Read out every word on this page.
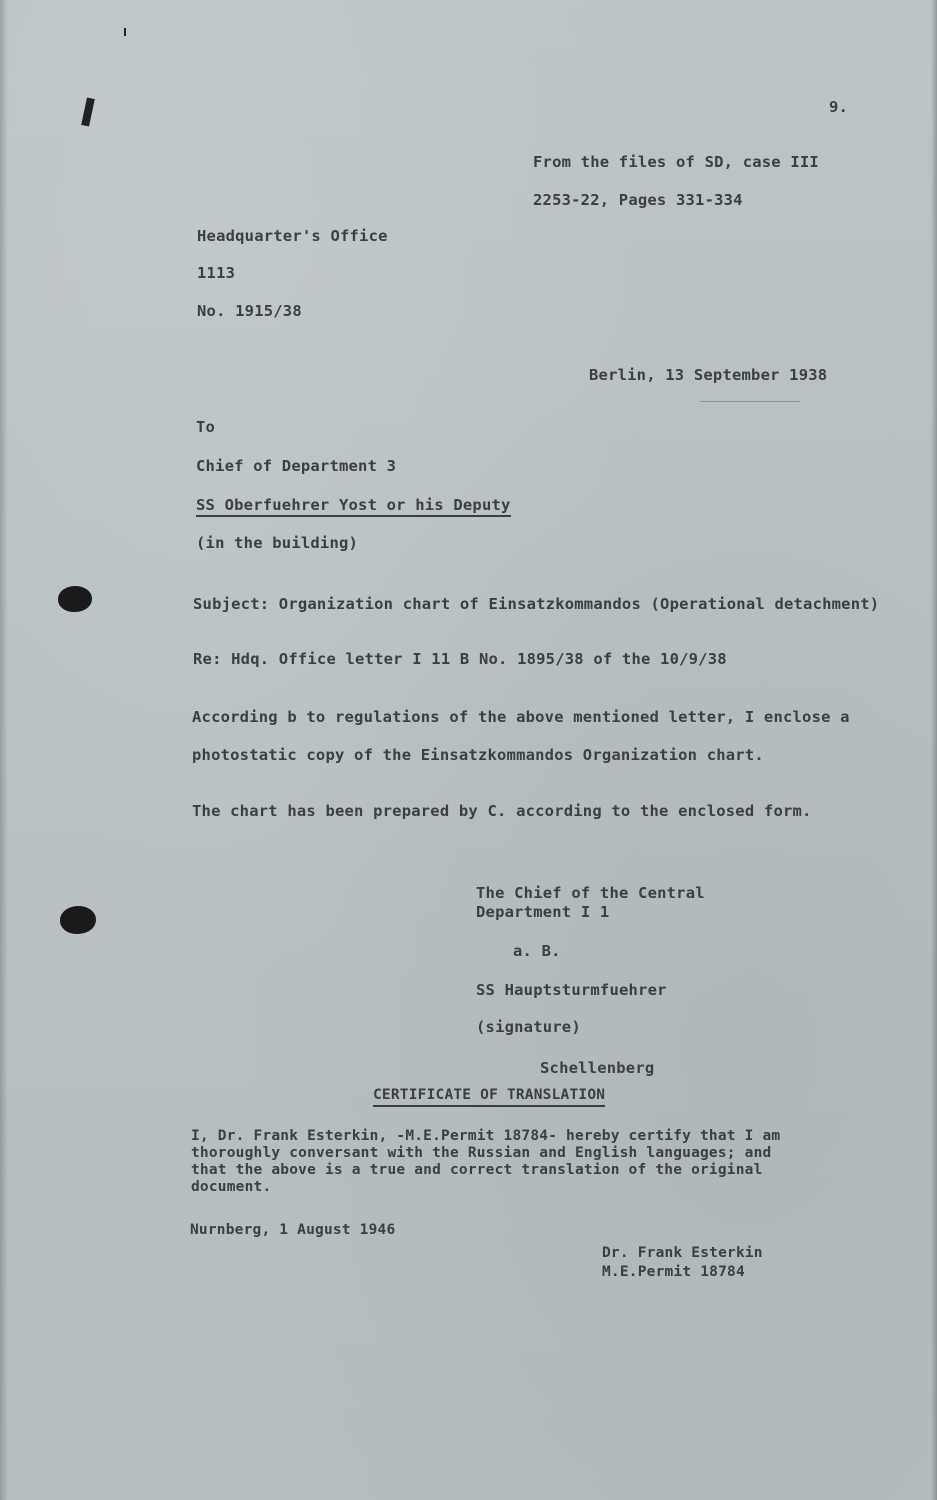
9.
From the files of SD, case III
2253-22, Pages 331-334
Headquarter's Office
1113
No. 1915/38
Berlin, 13 September 1938
To
Chief of Department 3
SS Oberfuehrer Yost or his Deputy
(in the building)
Subject: Organization chart of Einsatzkommandos (Operational detachment)
Re: Hdq. Office letter I 11 B No. 1895/38 of the 10/9/38
According b to regulations of the above mentioned letter, I enclose a
photostatic copy of the Einsatzkommandos Organization chart.
The chart has been prepared by C. according to the enclosed form.
The Chief of the Central
Department I 1
a. B.
SS Hauptsturmfuehrer
(signature)
Schellenberg
CERTIFICATE OF TRANSLATION
I, Dr. Frank Esterkin, -M.E.Permit 18784- hereby certify that I am
thoroughly conversant with the Russian and English languages; and
that the above is a true and correct translation of the original
document.
Nurnberg, 1 August 1946
Dr. Frank Esterkin
M.E.Permit 18784
